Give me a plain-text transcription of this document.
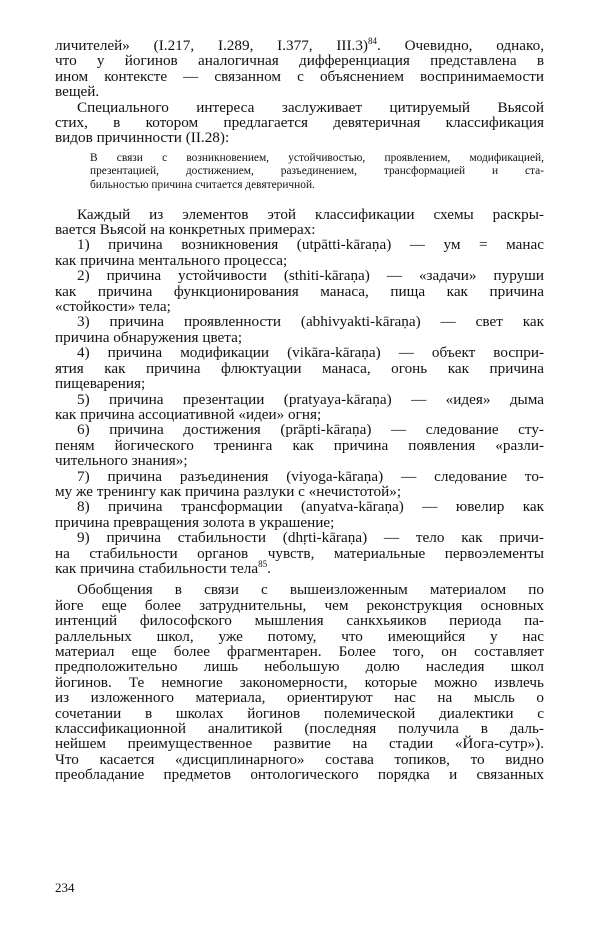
личителей» (I.217, I.289, I.377, III.3)$^{84}$. Очевидно, однако,

что у йогинов аналогичная дифференциация представлена в

ином контексте — связанном с объяснением воспринимаемости

вещей.

Специального интереса заслуживает цитируемый Вьясой

стих, в котором предлагается девятеричная классификация

видов причинности (II.28):

В связи с возникновением, устойчивостью, проявлением, модификацией,

презентацией, достижением, разъединением, трансформацией и ста-

бильностью причина считается девятеричной.

Каждый из элементов этой классификации схемы раскры-

вается Вьясой на конкретных примерах:

1) причина возникновения (utpātti-kāraṇa) — ум = манас

как причина ментального процесса;

2) причина устойчивости (sthiti-kāraṇa) — «задачи» пуруши

как причина функционирования манаса, пища как причина

«стойкости» тела;

3) причина проявленности (abhivyakti-kāraṇa) — свет как

причина обнаружения цвета;

4) причина модификации (vikāra-kāraṇa) — объект воспри-

ятия как причина флюктуации манаса, огонь как причина

пищеварения;

5) причина презентации (pratyaya-kāraṇa) — «идея» дыма

как причина ассоциативной «идеи» огня;

6) причина достижения (prāpti-kāraṇa) — следование сту-

пеням йогического тренинга как причина появления «разли-

чительного знания»;

7) причина разъединения (viyoga-kāraṇa) — следование то-

му же тренингу как причина разлуки с «нечистотой»;

8) причина трансформации (anyatva-kāraṇa) — ювелир как

причина превращения золота в украшение;

9) причина стабильности (dhṛti-kāraṇa) — тело как причи-

на стабильности органов чувств, материальные первоэлементы

как причина стабильности тела$^{85}$.

Обобщения в связи с вышеизложенным материалом по

йоге еще более затруднительны, чем реконструкция основных

интенций философского мышления санкхьяиков периода па-

раллельных школ, уже потому, что имеющийся у нас

материал еще более фрагментарен. Более того, он составляет

предположительно лишь небольшую долю наследия школ

йогинов. Те немногие закономерности, которые можно извлечь

из изложенного материала, ориентируют нас на мысль о

сочетании в школах йогинов полемической диалектики с

классификационной аналитикой (последняя получила в даль-

нейшем преимущественное развитие на стадии «Йога-сутр»).

Что касается «дисциплинарного» состава топиков, то видно

преобладание предметов онтологического порядка и связанных

234
